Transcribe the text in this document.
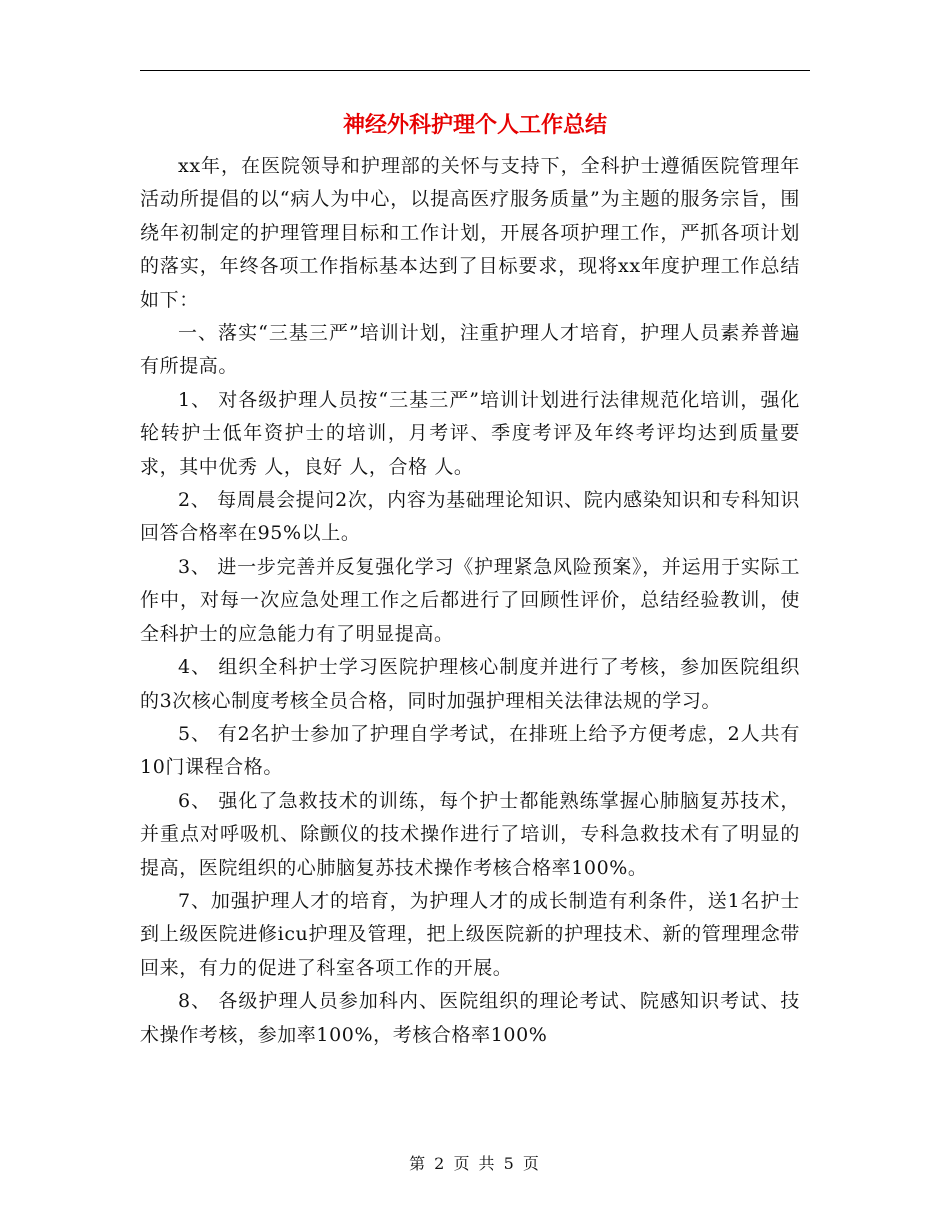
神经外科护理个人工作总结

xx年，在医院领导和护理部的关怀与支持下，全科护士遵循医院管理年活动所提倡的以“病人为中心，以提高医疗服务质量”为主题的服务宗旨，围绕年初制定的护理管理目标和工作计划，开展各项护理工作，严抓各项计划的落实，年终各项工作指标基本达到了目标要求，现将xx年度护理工作总结如下：

一、落实“三基三严”培训计划，注重护理人才培育，护理人员素养普遍有所提高。

1、 对各级护理人员按“三基三严”培训计划进行法律规范化培训，强化轮转护士低年资护士的培训，月考评、季度考评及年终考评均达到质量要求，其中优秀 人，良好 人，合格 人。

2、 每周晨会提问2次，内容为基础理论知识、院内感染知识和专科知识回答合格率在95%以上。

3、 进一步完善并反复强化学习《护理紧急风险预案》，并运用于实际工作中，对每一次应急处理工作之后都进行了回顾性评价，总结经验教训，使全科护士的应急能力有了明显提高。

4、 组织全科护士学习医院护理核心制度并进行了考核，参加医院组织的3次核心制度考核全员合格，同时加强护理相关法律法规的学习。

5、 有2名护士参加了护理自学考试，在排班上给予方便考虑，2人共有10门课程合格。

6、 强化了急救技术的训练，每个护士都能熟练掌握心肺脑复苏技术，并重点对呼吸机、除颤仪的技术操作进行了培训，专科急救技术有了明显的提高，医院组织的心肺脑复苏技术操作考核合格率100%。

7、加强护理人才的培育，为护理人才的成长制造有利条件，送1名护士到上级医院进修icu护理及管理，把上级医院新的护理技术、新的管理理念带回来，有力的促进了科室各项工作的开展。

8、 各级护理人员参加科内、医院组织的理论考试、院感知识考试、技术操作考核，参加率100%，考核合格率100%

第 2 页 共 5 页
